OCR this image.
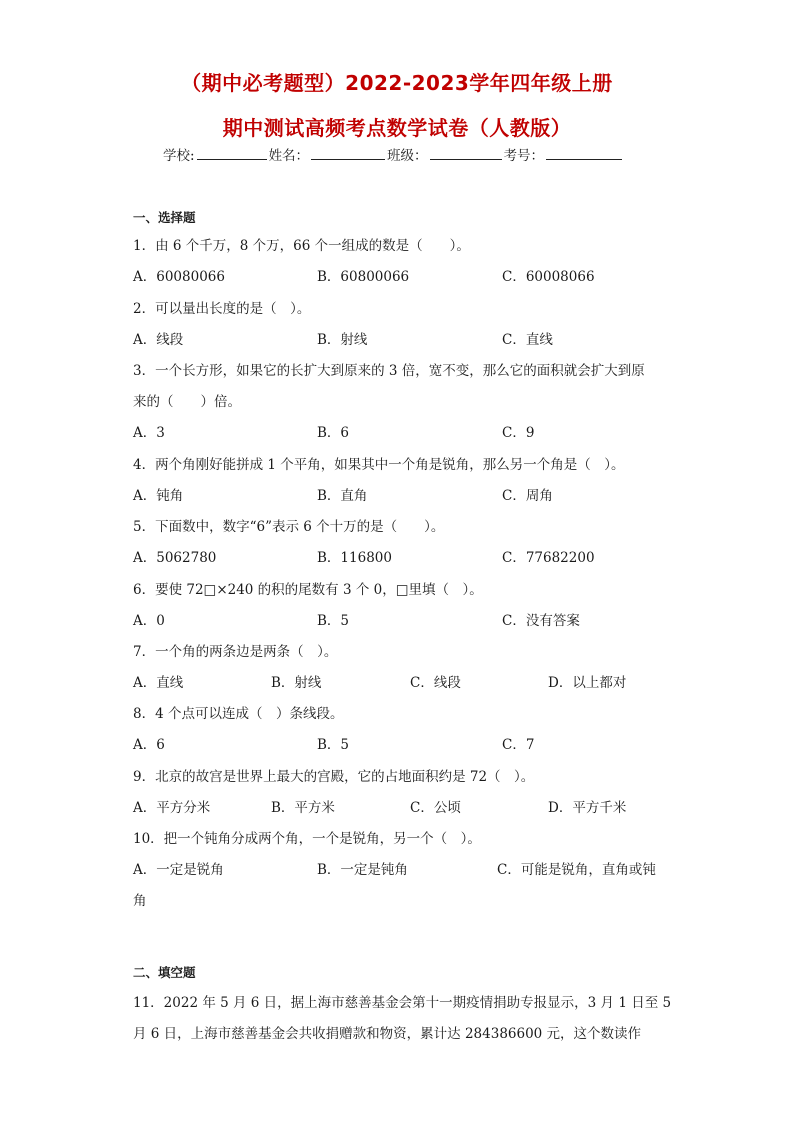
（期中必考题型）2022-2023学年四年级上册
期中测试高频考点数学试卷（人教版）
学校:	姓名：	班级：	考号：
一、选择题
1．由 6 个千万，8 个万，66 个一组成的数是（　　）。
A．60080066	B．60800066	C．60008066
2．可以量出长度的是（　）。
A．线段	B．射线	C．直线
3．一个长方形，如果它的长扩大到原来的 3 倍，宽不变，那么它的面积就会扩大到原
来的（　　）倍。
A．3	B．6	C．9
4．两个角刚好能拼成 1 个平角，如果其中一个角是锐角，那么另一个角是（　）。
A．钝角	B．直角	C．周角
5．下面数中，数字“6”表示 6 个十万的是（　　）。
A．5062780	B．116800	C．77682200
6．要使 72□×240 的积的尾数有 3 个 0，□里填（　）。
A．0	B．5	C．没有答案
7．一个角的两条边是两条（　）。
A．直线	B．射线	C．线段	D．以上都对
8．4 个点可以连成（　）条线段。
A．6	B．5	C．7
9．北京的故宫是世界上最大的宫殿，它的占地面积约是 72（　）。
A．平方分米	B．平方米	C．公顷	D．平方千米
10．把一个钝角分成两个角，一个是锐角，另一个（　）。
A．一定是锐角	B．一定是钝角	C．可能是锐角，直角或钝
角
二、填空题
11．2022 年 5 月 6 日，据上海市慈善基金会第十一期疫情捐助专报显示，3 月 1 日至 5
月 6 日，上海市慈善基金会共收捐赠款和物资，累计达 284386600 元，这个数读作
